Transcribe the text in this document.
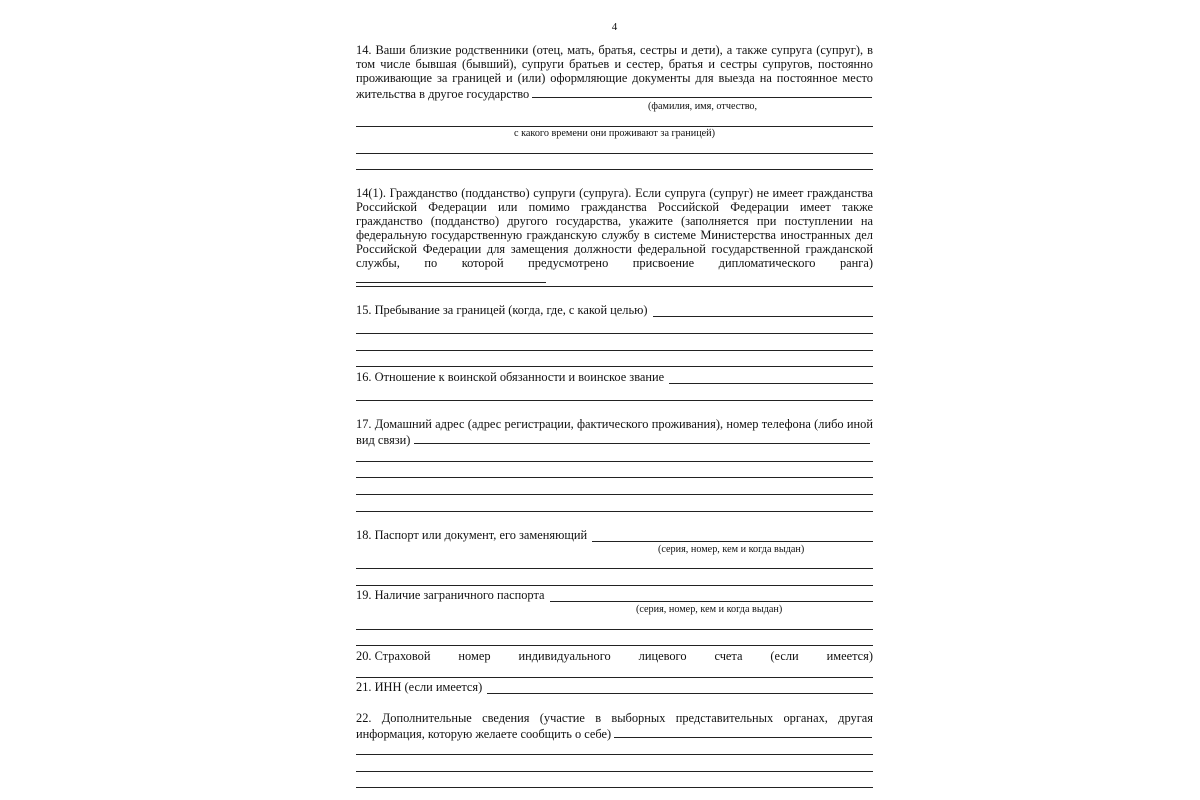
4

14. Ваши близкие родственники (отец, мать, братья, сестры и дети), а также супруга (супруг), в том числе бывшая (бывший), супруги братьев и сестер, братья и сестры супругов, постоянно проживающие за границей и (или) оформляющие документы для выезда на постоянное место жительства в другое государство

(фамилия, имя, отчество,
с какого времени они проживают за границей)

14(1). Гражданство (подданство) супруги (супруга). Если супруга (супруг) не имеет гражданства Российской Федерации или помимо гражданства Российской Федерации имеет также гражданство (подданство) другого государства, укажите (заполняется при поступлении на федеральную государственную гражданскую службу в системе Министерства иностранных дел Российской Федерации для замещения должности федеральной государственной гражданской службы, по которой предусмотрено присвоение дипломатического ранга)

15. Пребывание за границей (когда, где, с какой целью)
16. Отношение к воинской обязанности и воинское звание

17. Домашний адрес (адрес регистрации, фактического проживания), номер телефона (либо иной вид связи)

18. Паспорт или документ, его заменяющий
(серия, номер, кем и когда выдан)
19. Наличие заграничного паспорта
(серия, номер, кем и когда выдан)
20. Страховой номер индивидуального лицевого счета (если имеется)
21. ИНН (если имеется)

22. Дополнительные сведения (участие в выборных представительных органах, другая информация, которую желаете сообщить о себе)
